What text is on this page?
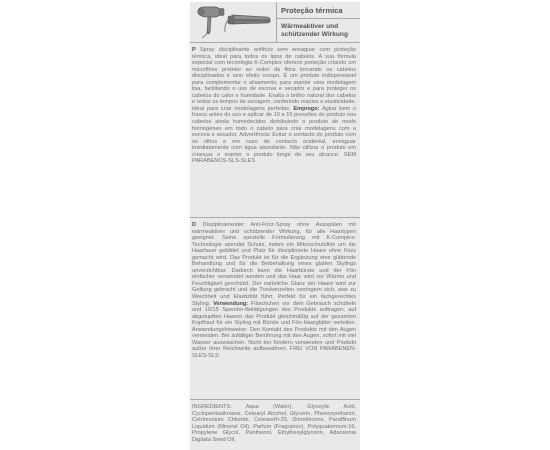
Proteção térmica
Wärmeaktiver und
schützender Wirkung
P Spray disciplinante antifrizz sem enxaguar com proteção térmica, ideal para todos os tipos de cabelos. A sua fórmula especial com tecnologia K-Complex oferece proteção criando um microfilme protetor ao redor da fibra tornando os cabelos disciplinados e sem efeito crespo. É um produto indispensável para complementar o alisamento, para manter uma modelagem lisa, facilitando o uso de escova e secador e para proteger os cabelos do calor e humidade. Exalta o brilho natural dos cabelos e reduz os tempos de secagem, conferindo maciez e elasticidade. Ideal para criar modelagens perfeitas. Emprego: Agitar bem o frasco antes do uso e aplicar de 10 a 15 pressões de produto nos cabelos ainda humedecidos distribuindo o produto de modo homogéneo em todo o cabelo para criar modelagens com a escova e secador. Advertência: Evitar o contacto do produto com os olhos e em caso de contacto acidental, enxaguar imediatamente com água abundante. Não utilizar o produto em crianças e manter o produto longe do seu alcance. SEM PARABENOS-SLS-SLES
D Disziplinierender Anti-Frizz-Spray ohne Ausspülen mit wärmeaktiver und schützender Wirkung, für alle Haartypen geeignet. Seine spezielle Formulierung mit K-Complex-Technologie spendet Schutz, indem ein Mikroschutzfilm um die Haarfaser gebildet und Platz für disziplinierte Haare ohne Frizz gemacht wird. Das Produkt ist für die Ergänzung eine glättende Behandlung und für die Beibehaltung eines glatten Stylings unverzichtbar. Dadurch kann die Haarbürste und der Fön einfacher verwendet werden und das Haar wird vor Wärme und Feuchtigkeit geschützt. Der natürliche Glanz der Haare wird zur Geltung gebracht und die Trockenzeiten verringern sich, was zu Weichheit und Elastizität führt. Perfekt für ein fachgerechtes Styling. Verwendung: Fläschchen vor dem Gebrauch schütteln und 10/15 Spender-Betätigungen des Produkts auftragen; auf abgetupften Haaren das Produkt gleichmäßig auf der gesamten Kopfhaut für ein Styling mit Bürste und Fön-Haarglätter verteilen. Anwendungshinweise: Den Kontakt des Produkts mit den Augen vermeiden. Bei zufälliger Berührung mit den Augen, sofort mit viel Wasser auswaschen. Nicht bei Kindern verwenden und Produkt außer ihrer Reichweite aufbewahren. FREI VON PARABENEN-SLES-SLS
INGREDIENTS: Aqua (Water), Glyoxylic Acid, Cyclopentasiloxane, Cetearyl Alcohol, Glycerin, Phenoxyethanol, Cetrimonium Chloride, Ceteareth-20, Dimethicone, Paraffinum Liquidum (Mineral Oil), Parfum (Fragrance), Polyquaternium-16, Propylene Glycol, Panthenol, Ethylhexylglycerin, Adansonia Digitata Seed Oil,
